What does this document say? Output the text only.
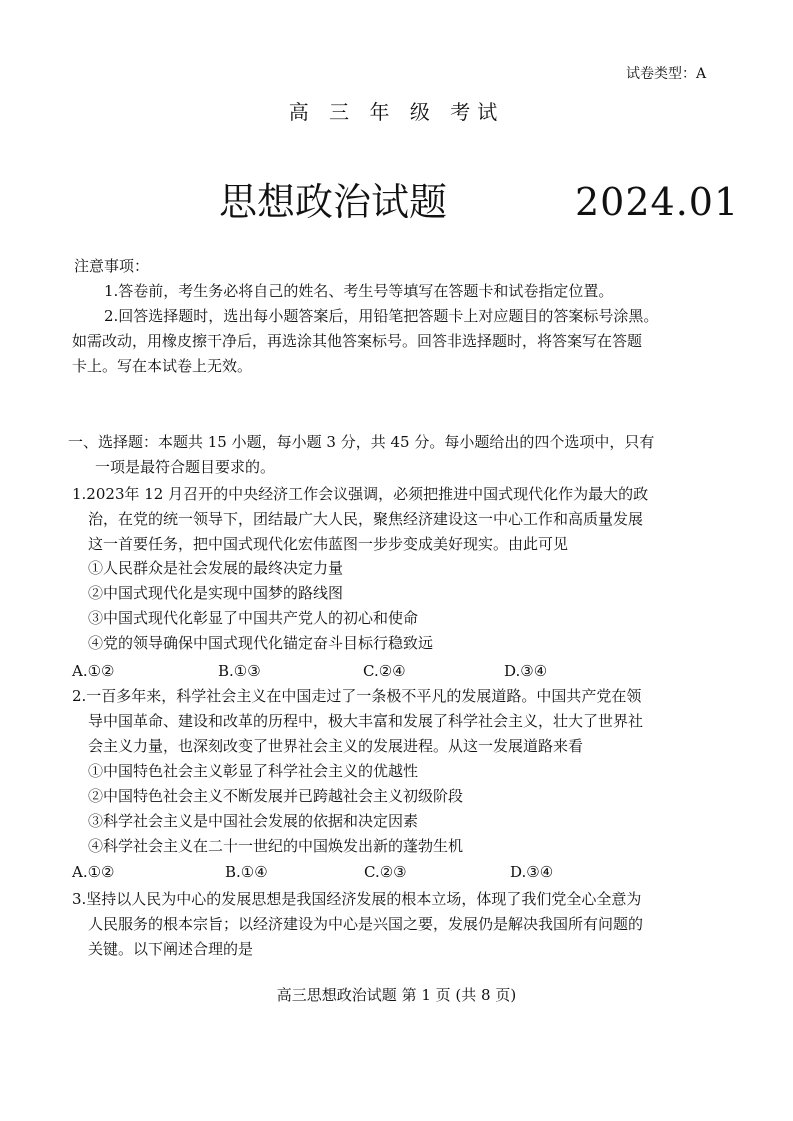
试卷类型：A
高 三 年 级 考试
思想政治试题	2024.01
注意事项：
1.答卷前，考生务必将自己的姓名、考生号等填写在答题卡和试卷指定位置。
2.回答选择题时，选出每小题答案后，用铅笔把答题卡上对应题目的答案标号涂黑。
如需改动，用橡皮擦干净后，再选涂其他答案标号。回答非选择题时，将答案写在答题
卡上。写在本试卷上无效。
一、选择题：本题共 15 小题，每小题 3 分，共 45 分。每小题给出的四个选项中，只有
一项是最符合题目要求的。
1.2023年 12 月召开的中央经济工作会议强调，必须把推进中国式现代化作为最大的政
治，在党的统一领导下，团结最广大人民，聚焦经济建设这一中心工作和高质量发展
这一首要任务，把中国式现代化宏伟蓝图一步步变成美好现实。由此可见
①人民群众是社会发展的最终决定力量
②中国式现代化是实现中国梦的路线图
③中国式现代化彰显了中国共产党人的初心和使命
④党的领导确保中国式现代化锚定奋斗目标行稳致远
A.①②	B.①③	C.②④	D.③④
2.一百多年来，科学社会主义在中国走过了一条极不平凡的发展道路。中国共产党在领
导中国革命、建设和改革的历程中，极大丰富和发展了科学社会主义，壮大了世界社
会主义力量，也深刻改变了世界社会主义的发展进程。从这一发展道路来看
①中国特色社会主义彰显了科学社会主义的优越性
②中国特色社会主义不断发展并已跨越社会主义初级阶段
③科学社会主义是中国社会发展的依据和决定因素
④科学社会主义在二十一世纪的中国焕发出新的蓬勃生机
A.①②	B.①④	C.②③	D.③④
3.坚持以人民为中心的发展思想是我国经济发展的根本立场，体现了我们党全心全意为
人民服务的根本宗旨；以经济建设为中心是兴国之要，发展仍是解决我国所有问题的
关键。以下阐述合理的是
高三思想政治试题 第 1 页 (共 8 页)
